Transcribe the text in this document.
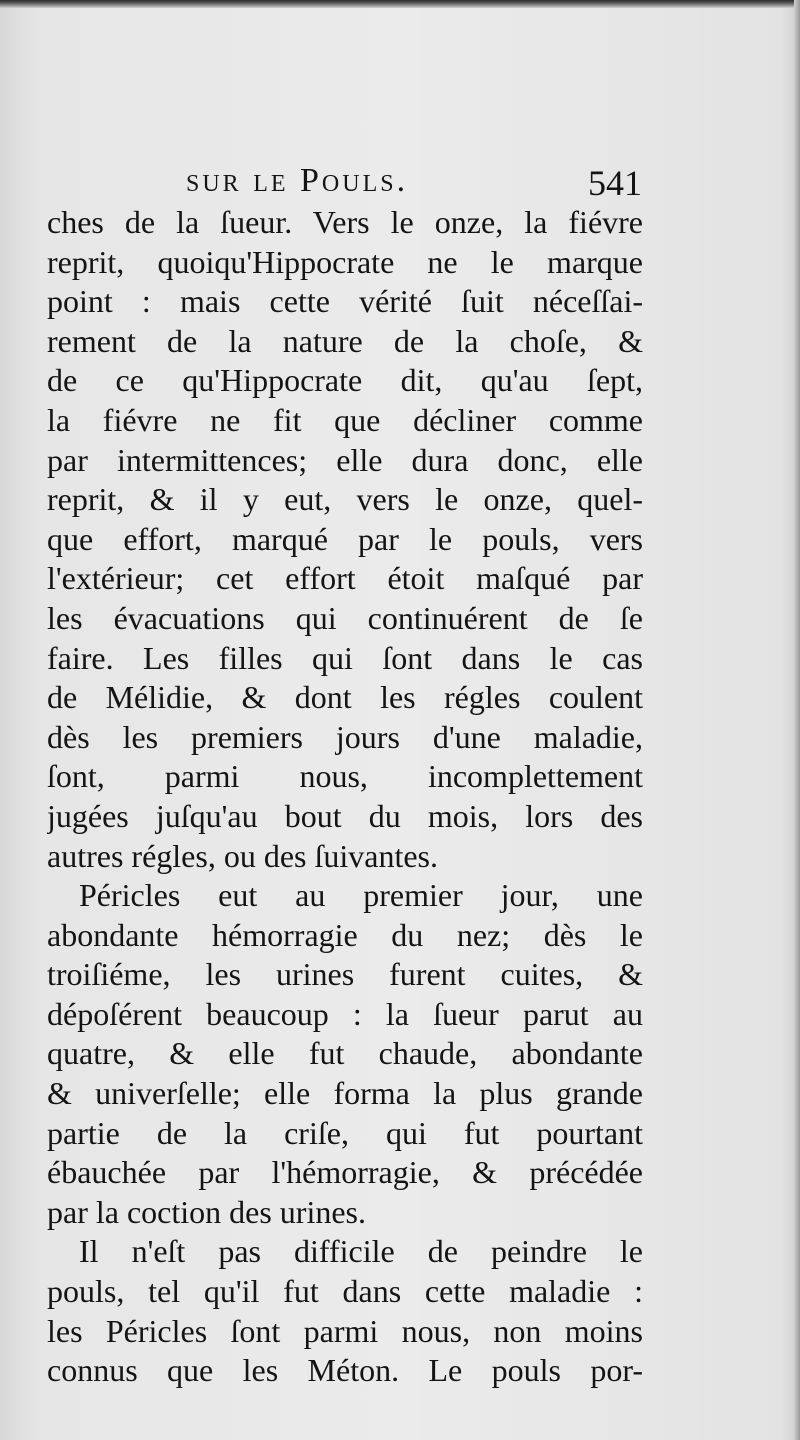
sur le Pouls.	541
ches de la ſueur. Vers le onze, la fiévre
reprit, quoiqu'Hippocrate ne le marque
point : mais cette vérité ſuit néceſſai-
rement de la nature de la choſe, &
de ce qu'Hippocrate dit, qu'au ſept,
la fiévre ne fit que décliner comme
par intermittences; elle dura donc, elle
reprit, & il y eut, vers le onze, quel-
que effort, marqué par le pouls, vers
l'extérieur; cet effort étoit maſqué par
les évacuations qui continuérent de ſe
faire. Les filles qui ſont dans le cas
de Mélidie, & dont les régles coulent
dès les premiers jours d'une maladie,
ſont, parmi nous, incomplettement
jugées juſqu'au bout du mois, lors des
autres régles, ou des ſuivantes.
Péricles eut au premier jour, une
abondante hémorragie du nez; dès le
troiſiéme, les urines furent cuites, &
dépoſérent beaucoup : la ſueur parut au
quatre, & elle fut chaude, abondante
& univerſelle; elle forma la plus grande
partie de la criſe, qui fut pourtant
ébauchée par l'hémorragie, & précédée
par la coction des urines.
Il n'eſt pas difficile de peindre le
pouls, tel qu'il fut dans cette maladie :
les Péricles ſont parmi nous, non moins
connus que les Méton. Le pouls por-
